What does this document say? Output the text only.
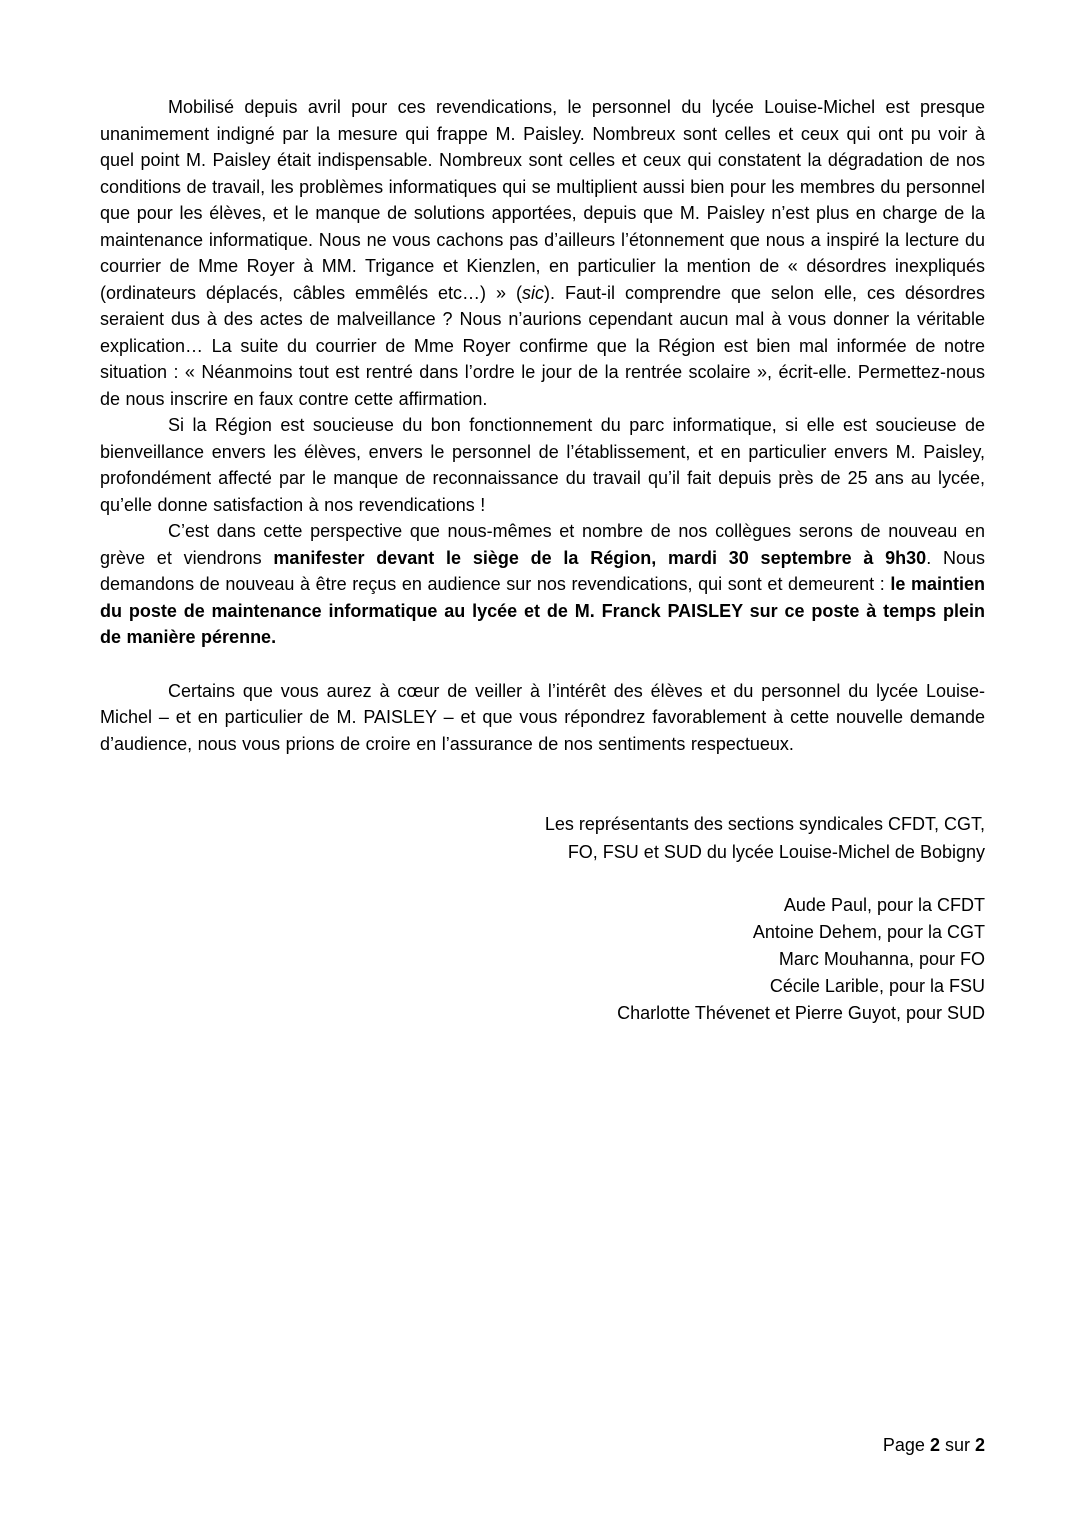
Mobilisé depuis avril pour ces revendications, le personnel du lycée Louise-Michel est presque unanimement indigné par la mesure qui frappe M. Paisley. Nombreux sont celles et ceux qui ont pu voir à quel point M. Paisley était indispensable. Nombreux sont celles et ceux qui constatent la dégradation de nos conditions de travail, les problèmes informatiques qui se multiplient aussi bien pour les membres du personnel que pour les élèves, et le manque de solutions apportées, depuis que M. Paisley n’est plus en charge de la maintenance informatique. Nous ne vous cachons pas d’ailleurs l’étonnement que nous a inspiré la lecture du courrier de Mme Royer à MM. Trigance et Kienzlen, en particulier la mention de « désordres inexpliqués (ordinateurs déplacés, câbles emmêlés etc…) » (sic). Faut-il comprendre que selon elle, ces désordres seraient dus à des actes de malveillance ? Nous n’aurions cependant aucun mal à vous donner la véritable explication… La suite du courrier de Mme Royer confirme que la Région est bien mal informée de notre situation : « Néanmoins tout est rentré dans l’ordre le jour de la rentrée scolaire », écrit-elle. Permettez-nous de nous inscrire en faux contre cette affirmation.

Si la Région est soucieuse du bon fonctionnement du parc informatique, si elle est soucieuse de bienveillance envers les élèves, envers le personnel de l’établissement, et en particulier envers M. Paisley, profondément affecté par le manque de reconnaissance du travail qu’il fait depuis près de 25 ans au lycée, qu’elle donne satisfaction à nos revendications !

C’est dans cette perspective que nous-mêmes et nombre de nos collègues serons de nouveau en grève et viendrons manifester devant le siège de la Région, mardi 30 septembre à 9h30. Nous demandons de nouveau à être reçus en audience sur nos revendications, qui sont et demeurent : le maintien du poste de maintenance informatique au lycée et de M. Franck PAISLEY sur ce poste à temps plein de manière pérenne.

Certains que vous aurez à cœur de veiller à l’intérêt des élèves et du personnel du lycée Louise-Michel – et en particulier de M. PAISLEY – et que vous répondrez favorablement à cette nouvelle demande d’audience, nous vous prions de croire en l’assurance de nos sentiments respectueux.

Les représentants des sections syndicales CFDT, CGT,
FO, FSU et SUD du lycée Louise-Michel de Bobigny
Aude Paul, pour la CFDT
Antoine Dehem, pour la CGT
Marc Mouhanna, pour FO
Cécile Larible, pour la FSU
Charlotte Thévenet et Pierre Guyot, pour SUD
Page 2 sur 2
